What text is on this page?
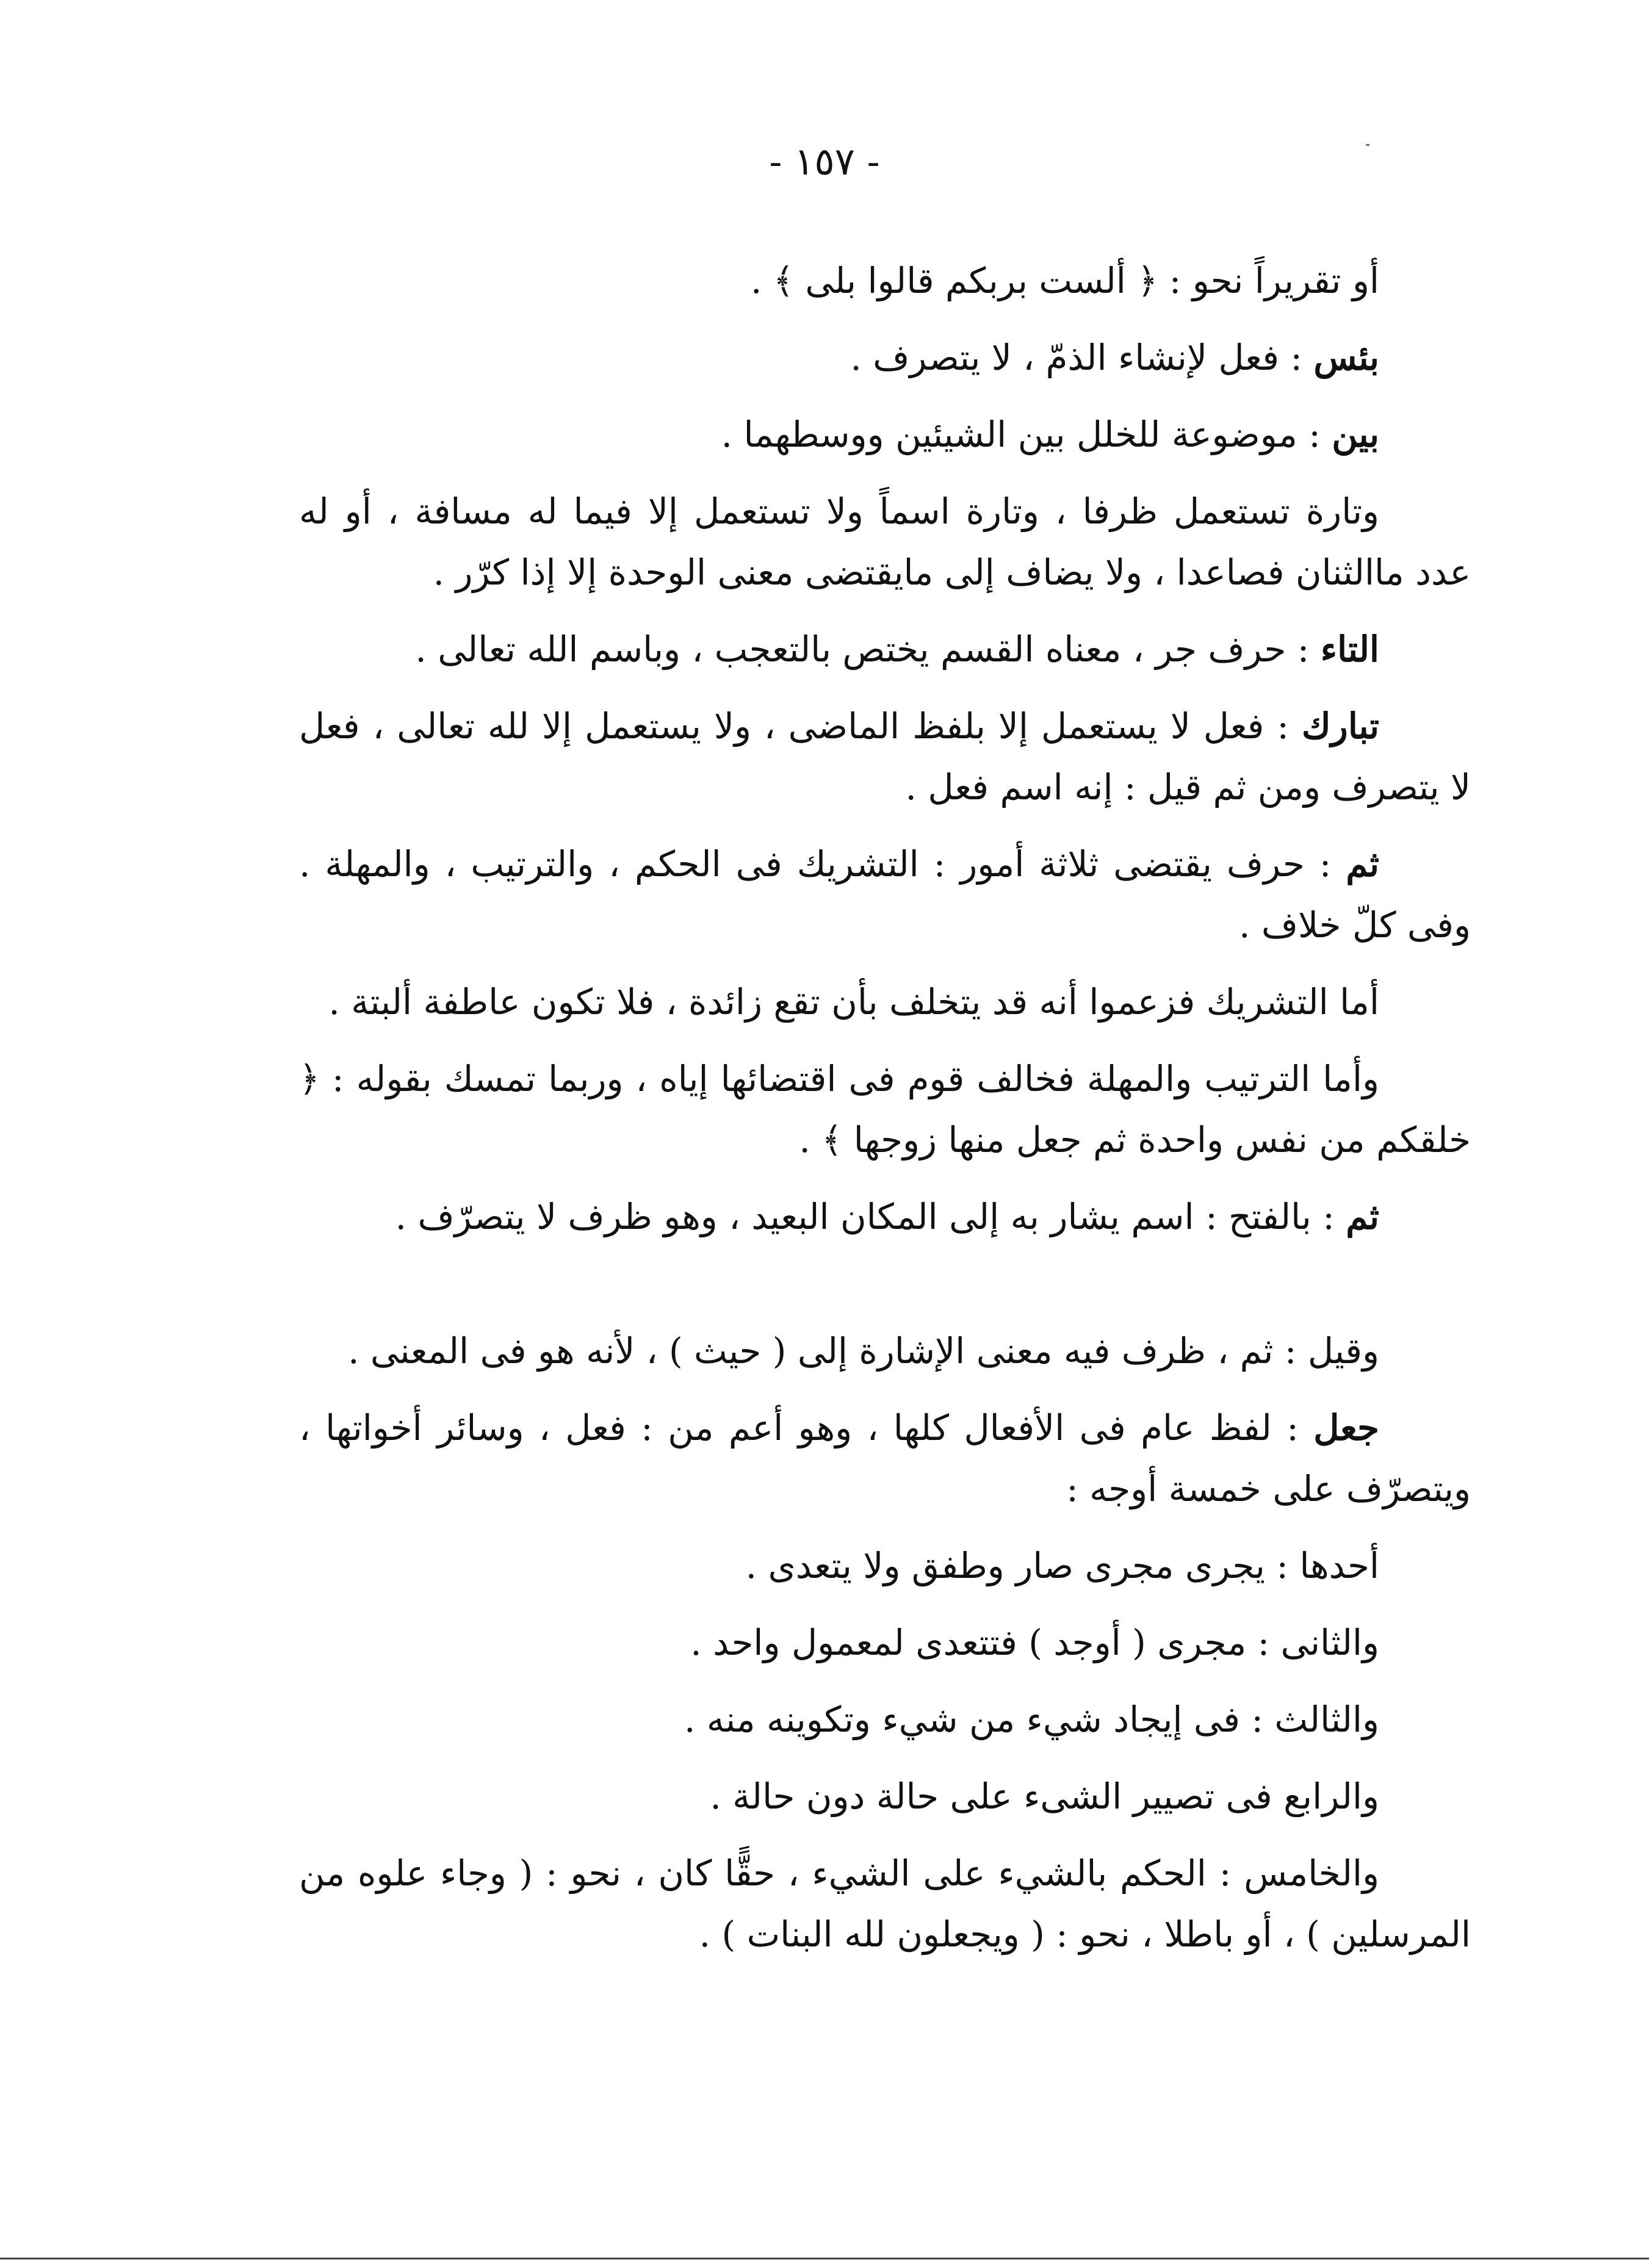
- ١٥٧ -

أو تقريراً نحو : ﴿ ألست بربكم قالوا بلى ﴾ .

بئس : فعل لإنشاء الذمّ ، لا يتصرف .

بين : موضوعة للخلل بين الشيئين ووسطهما .

وتارة تستعمل ظرفا ، وتارة اسماً ولا تستعمل إلا فيما له مسافة ، أو له عدد ماالثنان فصاعدا ، ولا يضاف إلى مايقتضى معنى الوحدة إلا إذا كرّر .

التاء : حرف جر ، معناه القسم يختص بالتعجب ، وباسم الله تعالى .

تبارك : فعل لا يستعمل إلا بلفظ الماضى ، ولا يستعمل إلا لله تعالى ، فعل لا يتصرف ومن ثم قيل : إنه اسم فعل .

ثم : حرف يقتضى ثلاثة أمور : التشريك فى الحكم ، والترتيب ، والمهلة . وفى كلّ خلاف .

أما التشريك فزعموا أنه قد يتخلف بأن تقع زائدة ، فلا تكون عاطفة ألبتة .

وأما الترتيب والمهلة فخالف قوم فى اقتضائها إياه ، وربما تمسك بقوله : ﴿ خلقكم من نفس واحدة ثم جعل منها زوجها ﴾ .

ثم : بالفتح : اسم يشار به إلى المكان البعيد ، وهو ظرف لا يتصرّف .

وقيل : ثم ، ظرف فيه معنى الإشارة إلى ( حيث ) ، لأنه هو فى المعنى .

جعل : لفظ عام فى الأفعال كلها ، وهو أعم من : فعل ، وسائر أخواتها ، ويتصرّف على خمسة أوجه :

أحدها : يجرى مجرى صار وطفق ولا يتعدى .

والثانى : مجرى ( أوجد ) فتتعدى لمعمول واحد .

والثالث : فى إيجاد شيء من شيء وتكوينه منه .

والرابع فى تصيير الشىء على حالة دون حالة .

والخامس : الحكم بالشيء على الشيء ، حقًّا كان ، نحو : ( وجاء علوه من المرسلين ) ، أو باطلا ، نحو : ( ويجعلون لله البنات ) .
